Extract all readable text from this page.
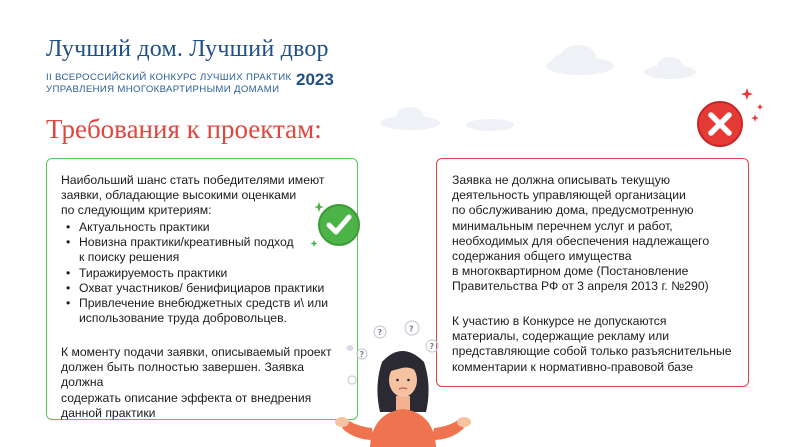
Лучший дом. Лучший двор
II ВСЕРОССИЙСКИЙ КОНКУРС ЛУЧШИХ ПРАКТИК
УПРАВЛЕНИЯ МНОГОКВАРТИРНЫМИ ДОМАМИ
2023
Требования к проектам:
Наибольший шанс стать победителями имеют
заявки, обладающие высокими оценками
по следующим критериям:
• Актуальность практики
• Новизна практики/креативный подход
к поиску решения
• Тиражируемость практики
• Охват участников/ бенифициаров практики
• Привлечение внебюджетных средств и\ или
использование труда добровольцев.
К моменту подачи заявки, описываемый проект
должен быть полностью завершен. Заявка должна
содержать описание эффекта от внедрения
данной практики
Заявка не должна описывать текущую
деятельность управляющей организации
по обслуживанию дома, предусмотренную
минимальным перечнем услуг и работ,
необходимых для обеспечения надлежащего
содержания общего имущества
в многоквартирном доме (Постановление
Правительства РФ от 3 апреля 2013 г. №290)
К участию в Конкурсе не допускаются
материалы, содержащие рекламу или
представляющие собой только разъяснительные
комментарии к нормативно-правовой базе
?	?
?
?
